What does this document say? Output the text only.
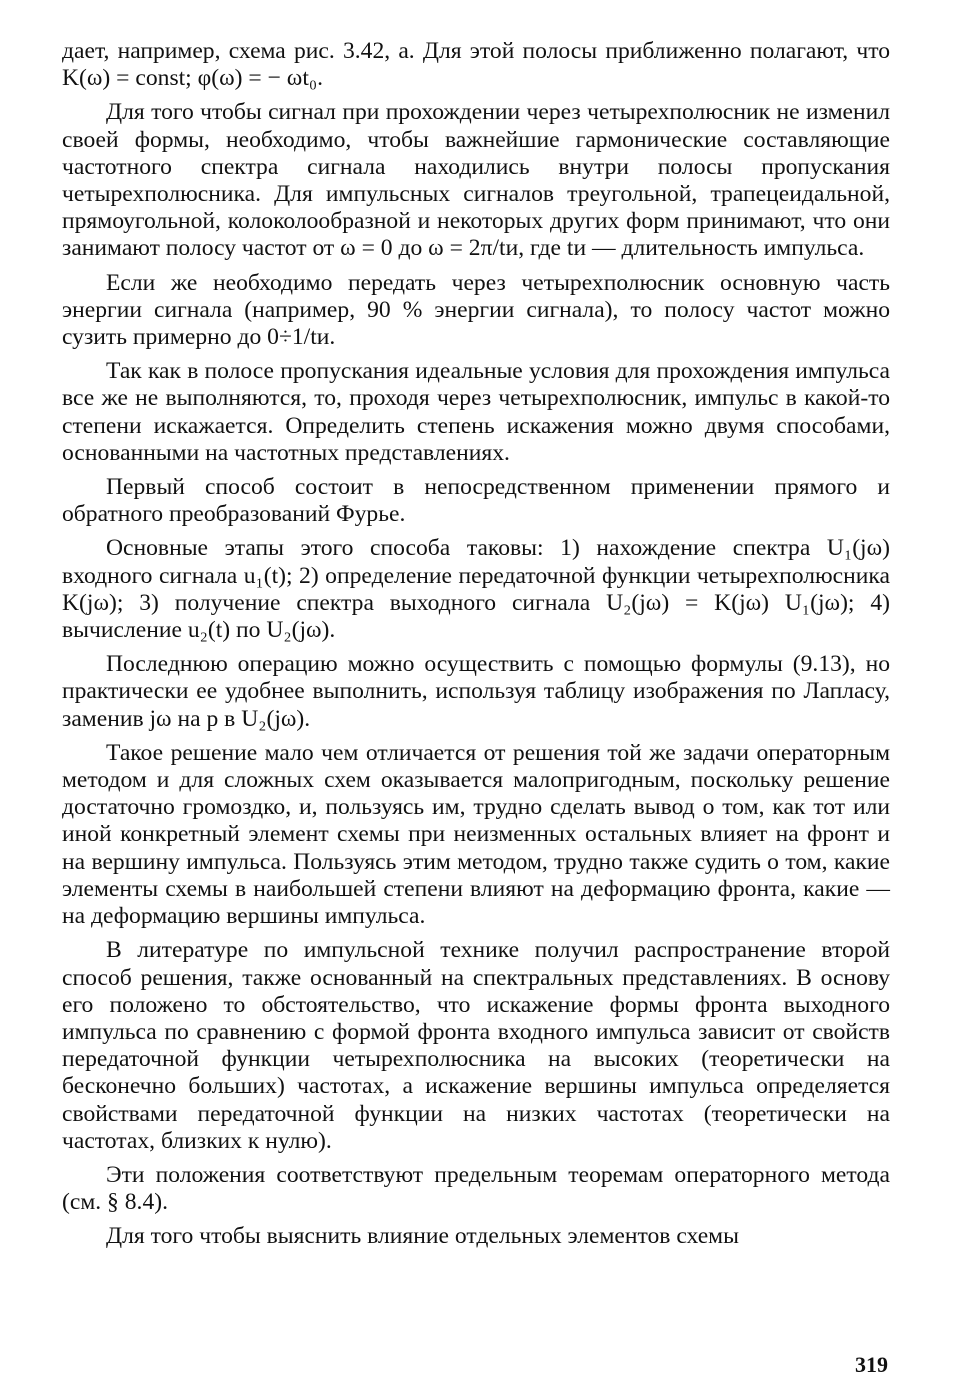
дает, например, схема рис. 3.42, а. Для этой полосы приближенно полагают, что K(ω) = const; φ(ω) = − ωt₀.

Для того чтобы сигнал при прохождении через четырехполюсник не изменил своей формы, необходимо, чтобы важнейшие гармонические составляющие частотного спектра сигнала находились внутри полосы пропускания четырехполюсника. Для импульсных сигналов треугольной, трапецеидальной, прямоугольной, колоколообразной и некоторых других форм принимают, что они занимают полосу частот от ω = 0 до ω = 2π/tи, где tи — длительность импульса.

Если же необходимо передать через четырехполюсник основную часть энергии сигнала (например, 90 % энергии сигнала), то полосу частот можно сузить примерно до 0÷1/tи.

Так как в полосе пропускания идеальные условия для прохождения импульса все же не выполняются, то, проходя через четырехполюсник, импульс в какой-то степени искажается. Определить степень искажения можно двумя способами, основанными на частотных представлениях.

Первый способ состоит в непосредственном применении прямого и обратного преобразований Фурье.

Основные этапы этого способа таковы: 1) нахождение спектра U₁(jω) входного сигнала u₁(t); 2) определение передаточной функции четырехполюсника K(jω); 3) получение спектра выходного сигнала U₂(jω) = K(jω) U₁(jω); 4) вычисление u₂(t) по U₂(jω).

Последнюю операцию можно осуществить с помощью формулы (9.13), но практически ее удобнее выполнить, используя таблицу изображения по Лапласу, заменив jω на p в U₂(jω).

Такое решение мало чем отличается от решения той же задачи операторным методом и для сложных схем оказывается малопригодным, поскольку решение достаточно громоздко, и, пользуясь им, трудно сделать вывод о том, как тот или иной конкретный элемент схемы при неизменных остальных влияет на фронт и на вершину импульса. Пользуясь этим методом, трудно также судить о том, какие элементы схемы в наибольшей степени влияют на деформацию фронта, какие — на деформацию вершины импульса.

В литературе по импульсной технике получил распространение второй способ решения, также основанный на спектральных представлениях. В основу его положено то обстоятельство, что искажение формы фронта выходного импульса по сравнению с формой фронта входного импульса зависит от свойств передаточной функции четырехполюсника на высоких (теоретически на бесконечно больших) частотах, а искажение вершины импульса определяется свойствами передаточной функции на низких частотах (теоретически на частотах, близких к нулю).

Эти положения соответствуют предельным теоремам операторного метода (см. § 8.4).

Для того чтобы выяснить влияние отдельных элементов схемы

319
